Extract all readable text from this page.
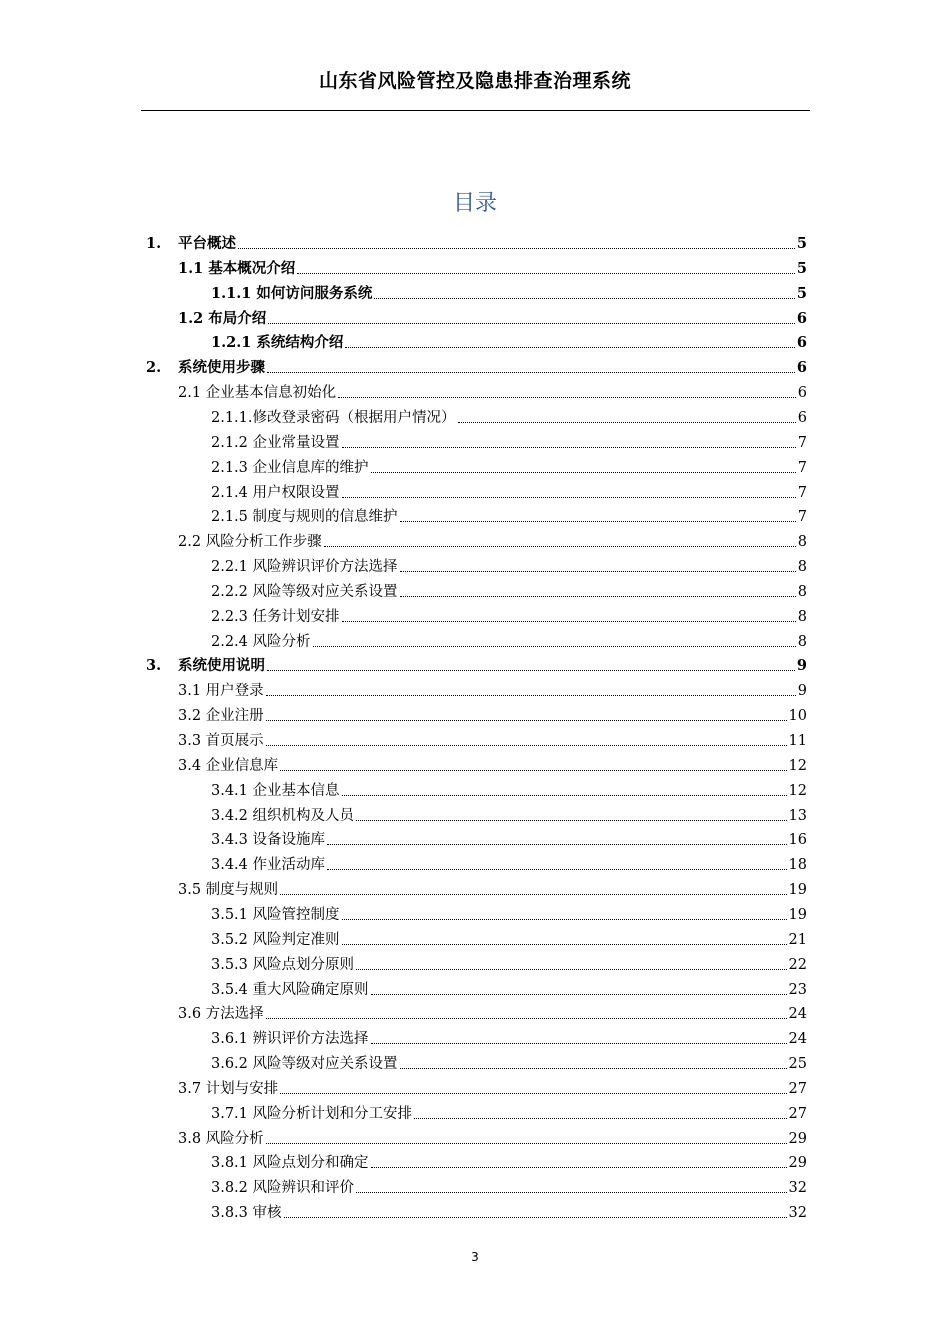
山东省风险管控及隐患排查治理系统
目录
1.	平台概述	5
1.1 基本概况介绍	5
1.1.1 如何访问服务系统	5
1.2 布局介绍	6
1.2.1 系统结构介绍	6
2.	系统使用步骤	6
2.1 企业基本信息初始化	6
2.1.1.修改登录密码（根据用户情况）	6
2.1.2 企业常量设置	7
2.1.3 企业信息库的维护	7
2.1.4 用户权限设置	7
2.1.5 制度与规则的信息维护	7
2.2 风险分析工作步骤	8
2.2.1 风险辨识评价方法选择	8
2.2.2 风险等级对应关系设置	8
2.2.3 任务计划安排	8
2.2.4 风险分析	8
3.	系统使用说明	9
3.1 用户登录	9
3.2 企业注册	10
3.3 首页展示	11
3.4 企业信息库	12
3.4.1 企业基本信息	12
3.4.2 组织机构及人员	13
3.4.3 设备设施库	16
3.4.4 作业活动库	18
3.5 制度与规则	19
3.5.1 风险管控制度	19
3.5.2 风险判定准则	21
3.5.3 风险点划分原则	22
3.5.4 重大风险确定原则	23
3.6 方法选择	24
3.6.1 辨识评价方法选择	24
3.6.2 风险等级对应关系设置	25
3.7 计划与安排	27
3.7.1 风险分析计划和分工安排	27
3.8 风险分析	29
3.8.1 风险点划分和确定	29
3.8.2 风险辨识和评价	32
3.8.3 审核	32
3
